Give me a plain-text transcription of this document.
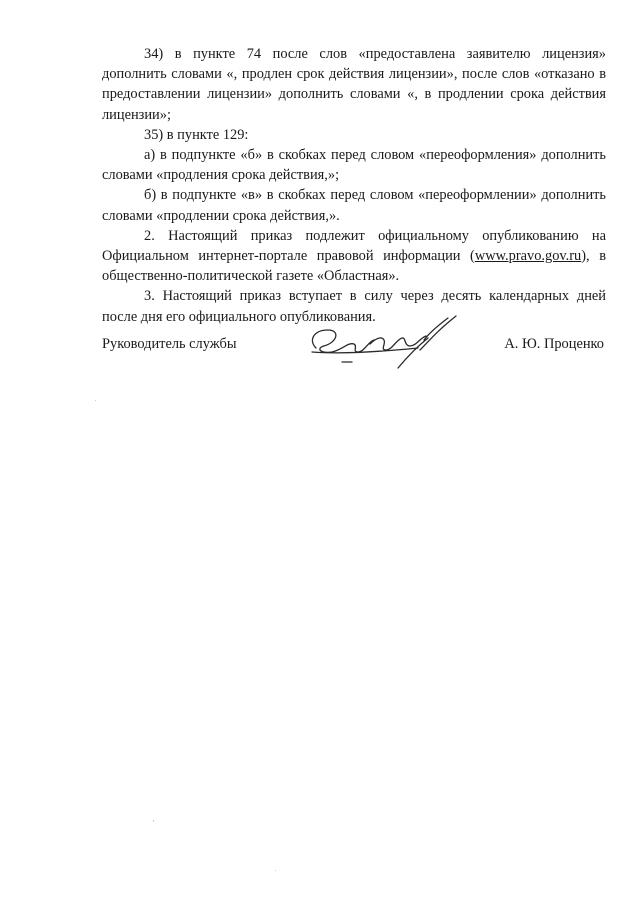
34) в пункте 74 после слов «предоставлена заявителю лицензия» дополнить словами «, продлен срок действия лицензии», после слов «отказано в предоставлении лицензии» дополнить словами «, в продлении срока действия лицензии»;

35) в пункте 129:

а) в подпункте «б» в скобках перед словом «переоформления» дополнить словами «продления срока действия,»;

б) в подпункте «в» в скобках перед словом «переоформлении» дополнить словами «продлении срока действия,».

2. Настоящий приказ подлежит официальному опубликованию на Официальном интернет-портале правовой информации (www.pravo.gov.ru), в общественно-политической газете «Областная».

3. Настоящий приказ вступает в силу через десять календарных дней после дня его официального опубликования.

Руководитель службы	А. Ю. Проценко
